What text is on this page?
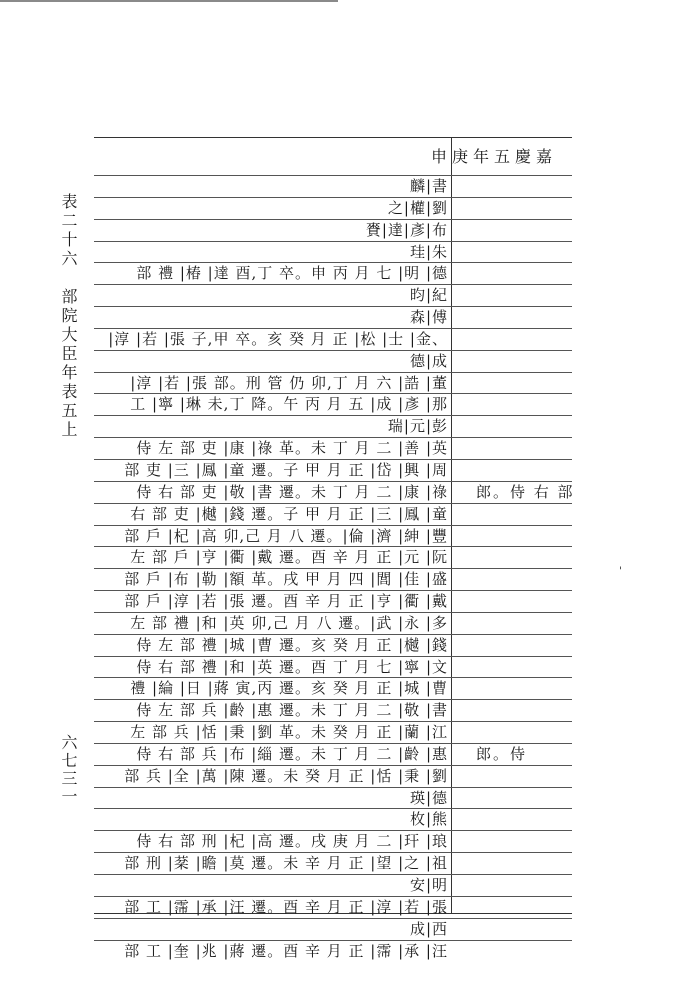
表二十六　部院大臣年表五上
六七三一
申庚年五慶嘉
麟|書
之|權|劉
賚|達|彥|布
珪|朱
部 禮 |椿 |達 酉,丁 卒。申 丙 月 七 |明 |德
昀|紀
森|傅
|淳 |若 |張 子,甲 卒。亥 癸 月 正 |松 |士 |金、
德|成
|淳 |若 |張 部。刑 管 仍 卯,丁 月 六 |誥 |董
工 |寧 |琳 未,丁 降。午 丙 月 五 |成 |彥 |那
瑞|元|彭
侍 左 部 吏 |康 |祿 革。未 丁 月 二 |善 |英
部 吏 |三 |鳳 |童 遷。子 甲 月 正 |岱 |興 |周
侍 右 部 吏 |敬 |書 遷。未 丁 月 二 |康 |祿 郎。侍 右 部
右 部 吏 |樾 |錢 遷。子 甲 月 正 |三 |鳳 |童
部 戶 |杞 |高 卯,己 月 八 遷。|倫 |濟 |紳 |豐
左 部 戶 |亨 |衢 |戴 遷。酉 辛 月 正 |元 |阮
部 戶 |布 |勒 |額 革。戌 甲 月 四 |閭 |佳 |盛
部 戶 |淳 |若 |張 遷。酉 辛 月 正 |亨 |衢 |戴
左 部 禮 |和 |英 卯,己 月 八 遷。|武 |永 |多
侍 左 部 禮 |城 |曹 遷。亥 癸 月 正 |樾 |錢
侍 右 部 禮 |和 |英 遷。酉 丁 月 七 |寧 |文
禮 |綸 |日 |蔣 寅,丙 遷。亥 癸 月 正 |城 |曹
侍 左 部 兵 |齡 |惠 遷。未 丁 月 二 |敬 |書
左 部 兵 |恬 |秉 |劉 革。未 癸 月 正 |蘭 |江
侍 右 部 兵 |布 |緇 遷。未 丁 月 二 |齡 |惠 郎。侍
部 兵 |全 |萬 |陳 遷。未 癸 月 正 |恬 |秉 |劉
瑛|德
枚|熊
侍 右 部 刑 |杞 |高 遷。戌 庚 月 二 |玕 |琅
部 刑 |棻 |瞻 |莫 遷。未 辛 月 正 |望 |之 |祖
安|明
部 工 |霈 |承 |汪 遷。酉 辛 月 正 |淳 |若 |張
成|西
部 工 |奎 |兆 |蔣 遷。酉 辛 月 正 |霈 |承 |汪
'
